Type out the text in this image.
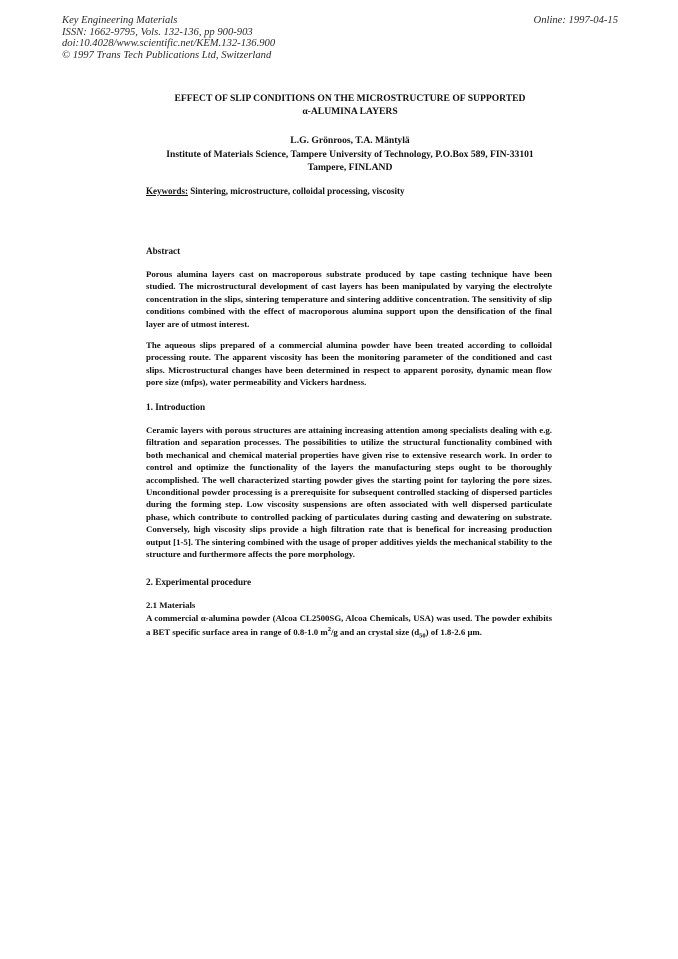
Key Engineering Materials
ISSN: 1662-9795, Vols. 132-136, pp 900-903
doi:10.4028/www.scientific.net/KEM.132-136.900
© 1997 Trans Tech Publications Ltd, Switzerland
Online: 1997-04-15
EFFECT OF SLIP CONDITIONS ON THE MICROSTRUCTURE OF SUPPORTED
α-ALUMINA LAYERS
L.G. Grönroos, T.A. Mäntylä
Institute of Materials Science, Tampere University of Technology, P.O.Box 589, FIN-33101
Tampere, FINLAND
Keywords: Sintering, microstructure, colloidal processing, viscosity
Abstract

Porous alumina layers cast on macroporous substrate produced by tape casting technique have been studied. The microstructural development of cast layers has been manipulated by varying the electrolyte concentration in the slips, sintering temperature and sintering additive concentration. The sensitivity of slip conditions combined with the effect of macroporous alumina support upon the densification of the final layer are of utmost interest.

The aqueous slips prepared of a commercial alumina powder have been treated according to colloidal processing route. The apparent viscosity has been the monitoring parameter of the conditioned and cast slips. Microstructural changes have been determined in respect to apparent porosity, dynamic mean flow pore size (mfps), water permeability and Vickers hardness.

1. Introduction

Ceramic layers with porous structures are attaining increasing attention among specialists dealing with e.g. filtration and separation processes. The possibilities to utilize the structural functionality combined with both mechanical and chemical material properties have given rise to extensive research work. In order to control and optimize the functionality of the layers the manufacturing steps ought to be thoroughly accomplished. The well characterized starting powder gives the starting point for tayloring the pore sizes. Unconditional powder processing is a prerequisite for subsequent controlled stacking of dispersed particles during the forming step. Low viscosity suspensions are often associated with well dispersed particulate phase, which contribute to controlled packing of particulates during casting and dewatering on substrate. Conversely, high viscosity slips provide a high filtration rate that is benefical for increasing production output [1-5]. The sintering combined with the usage of proper additives yields the mechanical stability to the structure and furthermore affects the pore morphology.

2. Experimental procedure
2.1 Materials

A commercial α-alumina powder (Alcoa CL2500SG, Alcoa Chemicals, USA) was used. The powder exhibits a BET specific surface area in range of 0.8-1.0 $m^2/g$ and an crystal size $(d_{50})$ of 1.8-2.6 μm.
